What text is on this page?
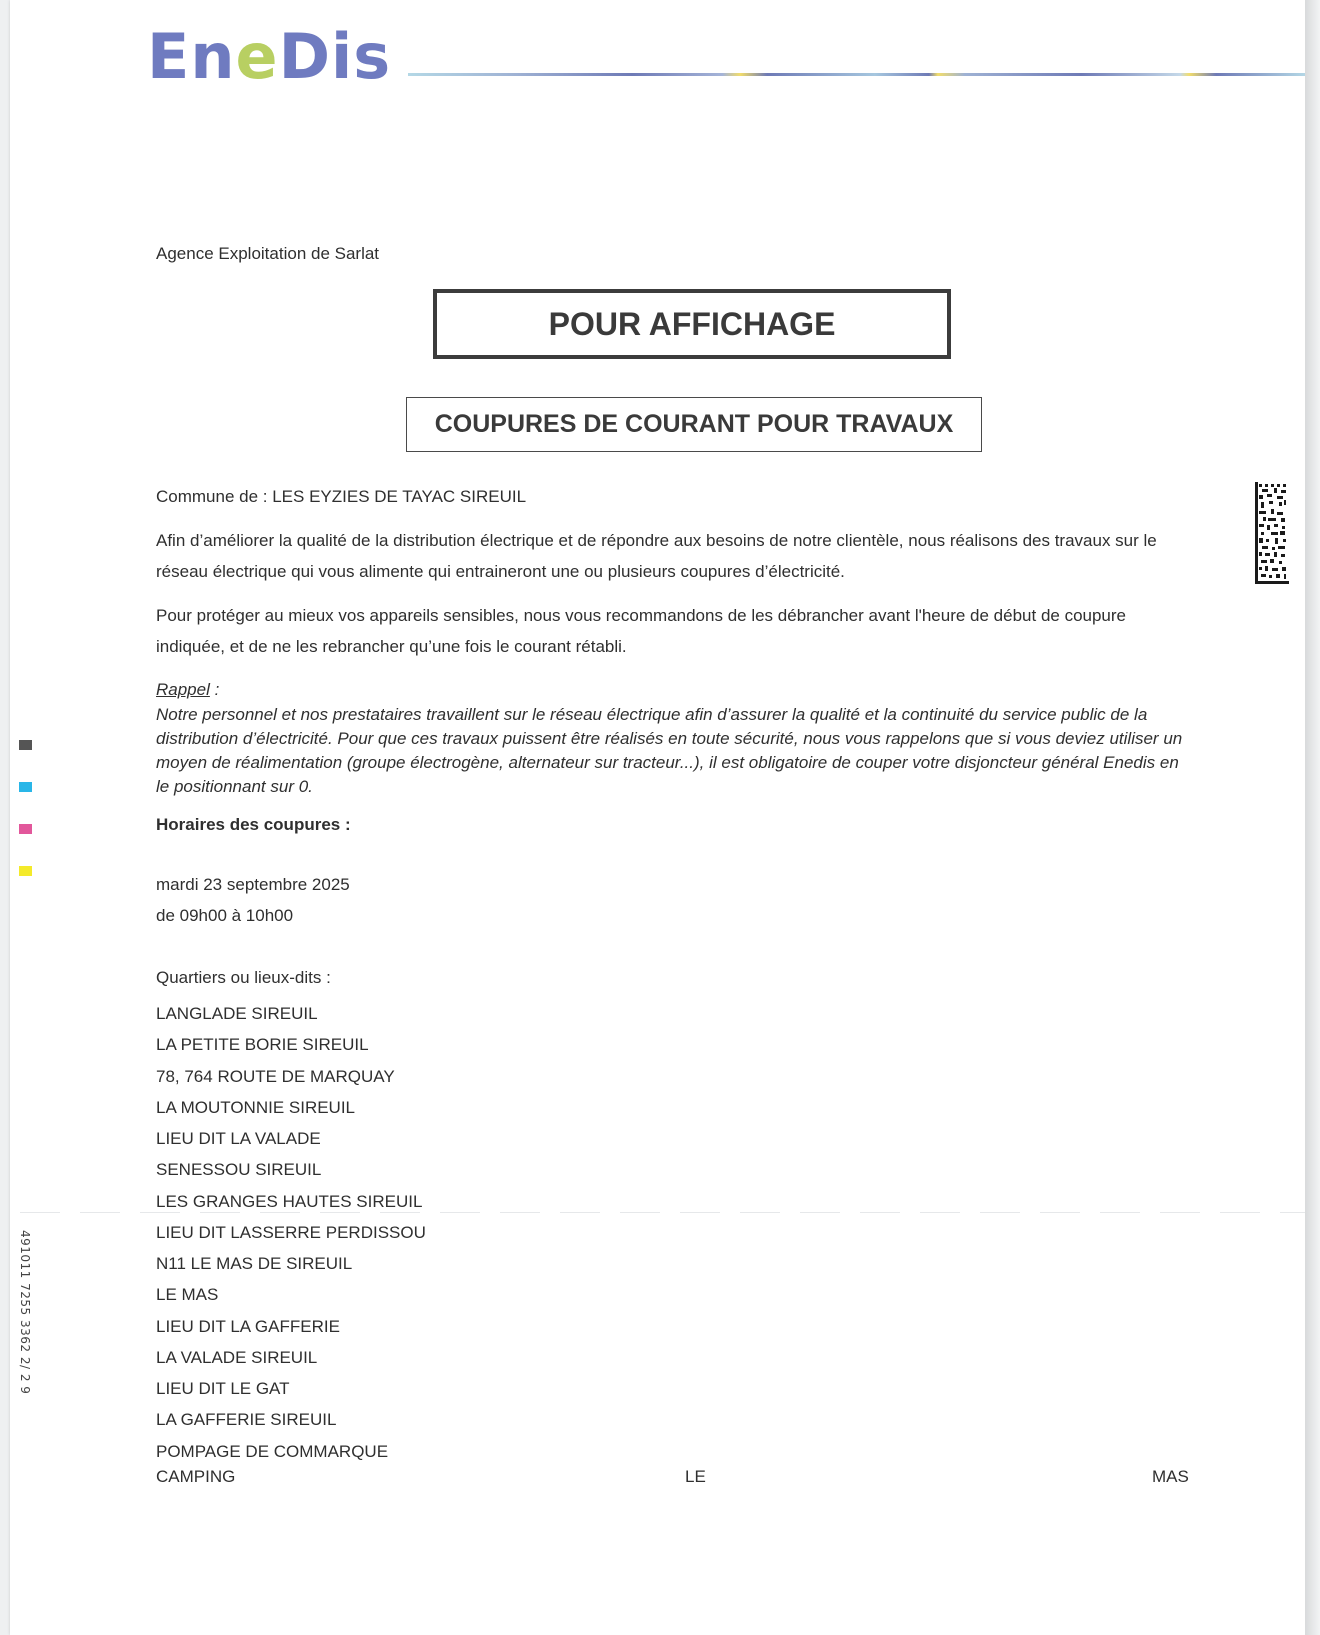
EneDis
Agence Exploitation de Sarlat
POUR AFFICHAGE
COUPURES DE COURANT POUR TRAVAUX
Commune de : LES EYZIES DE TAYAC SIREUIL
Afin d’améliorer la qualité de la distribution électrique et de répondre aux besoins de notre clientèle, nous réalisons des travaux sur le réseau électrique qui vous alimente qui entraineront une ou plusieurs coupures d’électricité.
Pour protéger au mieux vos appareils sensibles, nous vous recommandons de les débrancher avant l'heure de début de coupure indiquée, et de ne les rebrancher qu’une fois le courant rétabli.
Rappel :
Notre personnel et nos prestataires travaillent sur le réseau électrique afin d’assurer la qualité et la continuité du service public de la distribution d’électricité. Pour que ces travaux puissent être réalisés en toute sécurité, nous vous rappelons que si vous deviez utiliser un moyen de réalimentation (groupe électrogène, alternateur sur tracteur...), il est obligatoire de couper votre disjoncteur général Enedis en le positionnant sur 0.
Horaires des coupures :
mardi 23 septembre 2025
de 09h00 à 10h00
Quartiers ou lieux-dits :
LANGLADE SIREUIL
LA PETITE BORIE SIREUIL
78, 764 ROUTE DE MARQUAY
LA MOUTONNIE SIREUIL
LIEU DIT LA VALADE
SENESSOU SIREUIL
LES GRANGES HAUTES SIREUIL
LIEU DIT LASSERRE PERDISSOU
N11 LE MAS DE SIREUIL
LE MAS
LIEU DIT LA GAFFERIE
LA VALADE SIREUIL
LIEU DIT LE GAT
LA GAFFERIE SIREUIL
POMPAGE DE COMMARQUE
CAMPING	LE	MAS
491011 7255 3362 2/ 2 9
